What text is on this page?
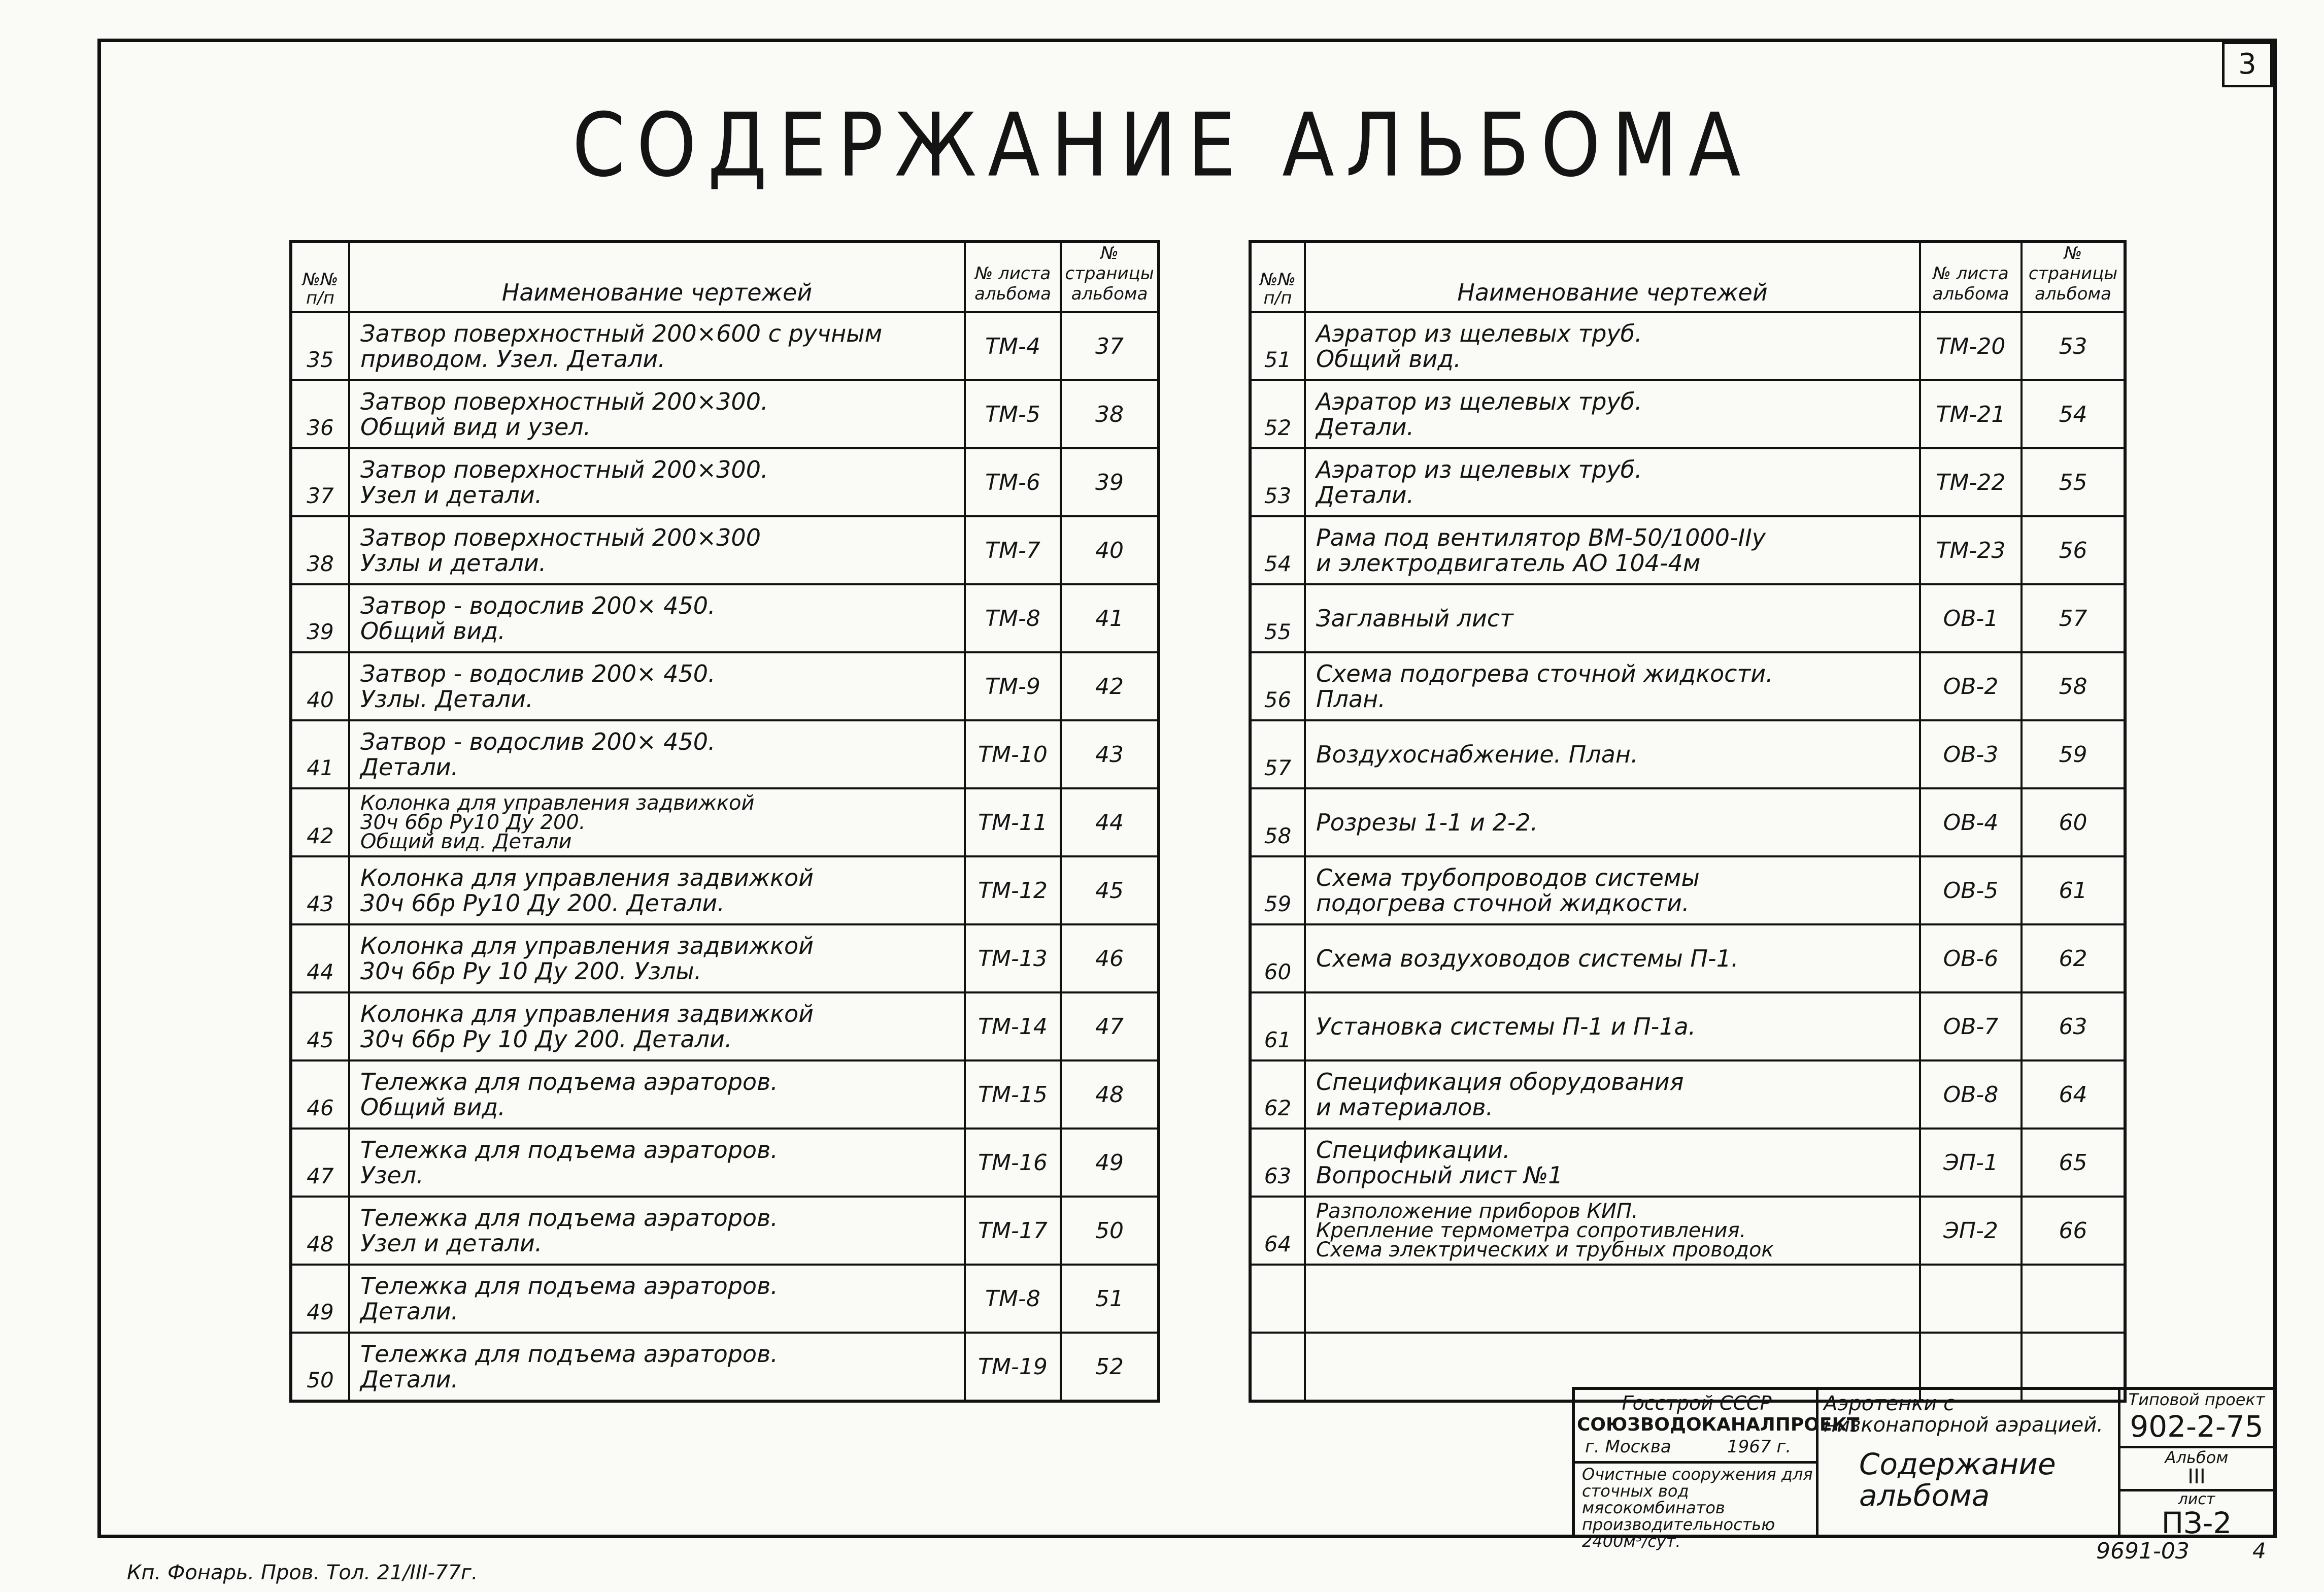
3
СОДЕРЖАНИЕ АЛЬБОМА
№№ п/п	Наименование чертежей	№ листа альбома	№ страницы альбома
35	Затвор поверхностный 200×600 с ручным
приводом. Узел. Детали.	ТМ-4	37
36	Затвор поверхностный 200×300.
Общий вид и узел.	ТМ-5	38
37	Затвор поверхностный 200×300.
Узел и детали.	ТМ-6	39
38	Затвор поверхностный 200×300
Узлы и детали.	ТМ-7	40
39	Затвор - водослив 200× 450.
Общий вид.	ТМ-8	41
40	Затвор - водослив 200× 450.
Узлы. Детали.	ТМ-9	42
41	Затвор - водослив 200× 450.
Детали.	ТМ-10	43
42	Колонка для управления задвижкой
30ч 6бр Ру10 Ду 200.
Общий вид. Детали	ТМ-11	44
43	Колонка для управления задвижкой
30ч 6бр Ру10 Ду 200. Детали.	ТМ-12	45
44	Колонка для управления задвижкой
30ч 6бр Ру 10 Ду 200. Узлы.	ТМ-13	46
45	Колонка для управления задвижкой
30ч 6бр Ру 10 Ду 200. Детали.	ТМ-14	47
46	Тележка для подъема аэраторов.
Общий вид.	ТМ-15	48
47	Тележка для подъема аэраторов.
Узел.	ТМ-16	49
48	Тележка для подъема аэраторов.
Узел и детали.	ТМ-17	50
49	Тележка для подъема аэраторов.
Детали.	ТМ-8	51
50	Тележка для подъема аэраторов.
Детали.	ТМ-19	52
№№ п/п	Наименование чертежей	№ листа альбома	№ страницы альбома
51	Аэратор из щелевых труб.
Общий вид.	ТМ-20	53
52	Аэратор из щелевых труб.
Детали.	ТМ-21	54
53	Аэратор из щелевых труб.
Детали.	ТМ-22	55
54	Рама под вентилятор ВМ-50/1000-IIу
и электродвигатель АО 104-4м	ТМ-23	56
55	Заглавный лист	ОВ-1	57
56	Схема подогрева сточной жидкости.
План.	ОВ-2	58
57	Воздухоснабжение. План.	ОВ-3	59
58	Розрезы 1-1 и 2-2.	ОВ-4	60
59	Схема трубопроводов системы
подогрева сточной жидкости.	ОВ-5	61
60	Схема воздуховодов системы П-1.	ОВ-6	62
61	Установка системы П-1 и П-1а.	ОВ-7	63
62	Спецификация оборудования
и материалов.	ОВ-8	64
63	Спецификации.
Вопросный лист №1	ЭП-1	65
64	Разположение приборов КИП.
Крепление термометра сопротивления.
Схема электрических и трубных проводок	ЭП-2	66

Госстрой СССР
СОЮЗВОДОКАНАЛПРОЕКТ
г. Москва	1967 г.
Очистные сооружения для сточных вод мясокомбинатов производительностью 2400м³/сут.
Аэротенки с низконапорной аэрацией.
Содержание альбома
Типовой проект
902-2-75
Альбом
III
лист
ПЗ-2
9691-03	4
Кп. Фонарь. Пров. Тол. 21/III-77г.
